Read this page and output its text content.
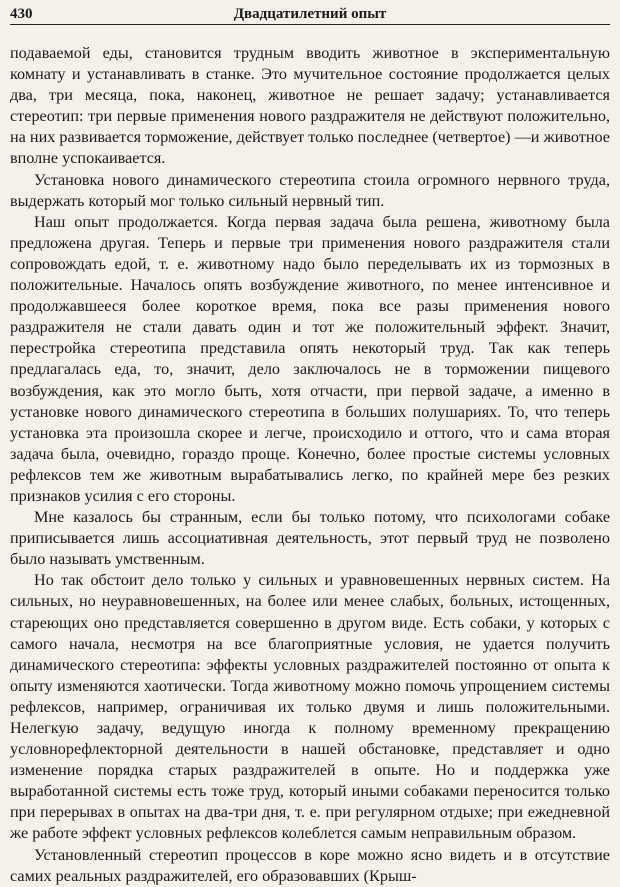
430	Двадцатилетний опыт

подаваемой еды, становится трудным вводить животное в экспериментальную комнату и устанавливать в станке. Это мучительное состояние продолжается целых два, три месяца, пока, наконец, животное не решает задачу; устанавливается стереотип: три первые применения нового раздражителя не действуют положительно, на них развивается торможение, действует только последнее (четвертое) —и животное вполне успокаивается.

Установка нового динамического стереотипа стоила огромного нервного труда, выдержать который мог только сильный нервный тип.

Наш опыт продолжается. Когда первая задача была решена, животному была предложена другая. Теперь и первые три применения нового раздражителя стали сопровождать едой, т. е. животному надо было переделывать их из тормозных в положительные. Началось опять возбуждение животного, по менее интенсивное и продолжавшееся более короткое время, пока все разы применения нового раздражителя не стали давать один и тот же положительный эффект. Значит, перестройка стереотипа представила опять некоторый труд. Так как теперь предлагалась еда, то, значит, дело заключалось не в торможении пищевого возбуждения, как это могло быть, хотя отчасти, при первой задаче, а именно в установке нового динамического стереотипа в больших полушариях. То, что теперь установка эта произошла скорее и легче, происходило и оттого, что и сама вторая задача была, очевидно, гораздо проще. Конечно, более простые системы условных рефлексов тем же животным вырабатывались легко, по крайней мере без резких признаков усилия с его стороны.

Мне казалось бы странным, если бы только потому, что психологами собаке приписывается лишь ассоциативная деятельность, этот первый труд не позволено было называть умственным.

Но так обстоит дело только у сильных и уравновешенных нервных систем. На сильных, но неуравновешенных, на более или менее слабых, больных, истощенных, стареющих оно представляется совершенно в другом виде. Есть собаки, у которых с самого начала, несмотря на все благоприятные условия, не удается получить динамического стереотипа: эффекты условных раздражителей постоянно от опыта к опыту изменяются хаотически. Тогда животному можно помочь упрощением системы рефлексов, например, ограничивая их только двумя и лишь положительными. Нелегкую задачу, ведущую иногда к полному временному прекращению условнорефлекторной деятельности в нашей обстановке, представляет и одно изменение порядка старых раздражителей в опыте. Но и поддержка уже выработанной системы есть тоже труд, который иными собаками переносится только при перерывах в опытах на два-три дня, т. е. при регулярном отдыхе; при ежедневной же работе эффект условных рефлексов колеблется самым неправильным образом.

Установленный стереотип процессов в коре можно ясно видеть и в отсутствие самих реальных раздражителей, его образовавших (Крыш-
